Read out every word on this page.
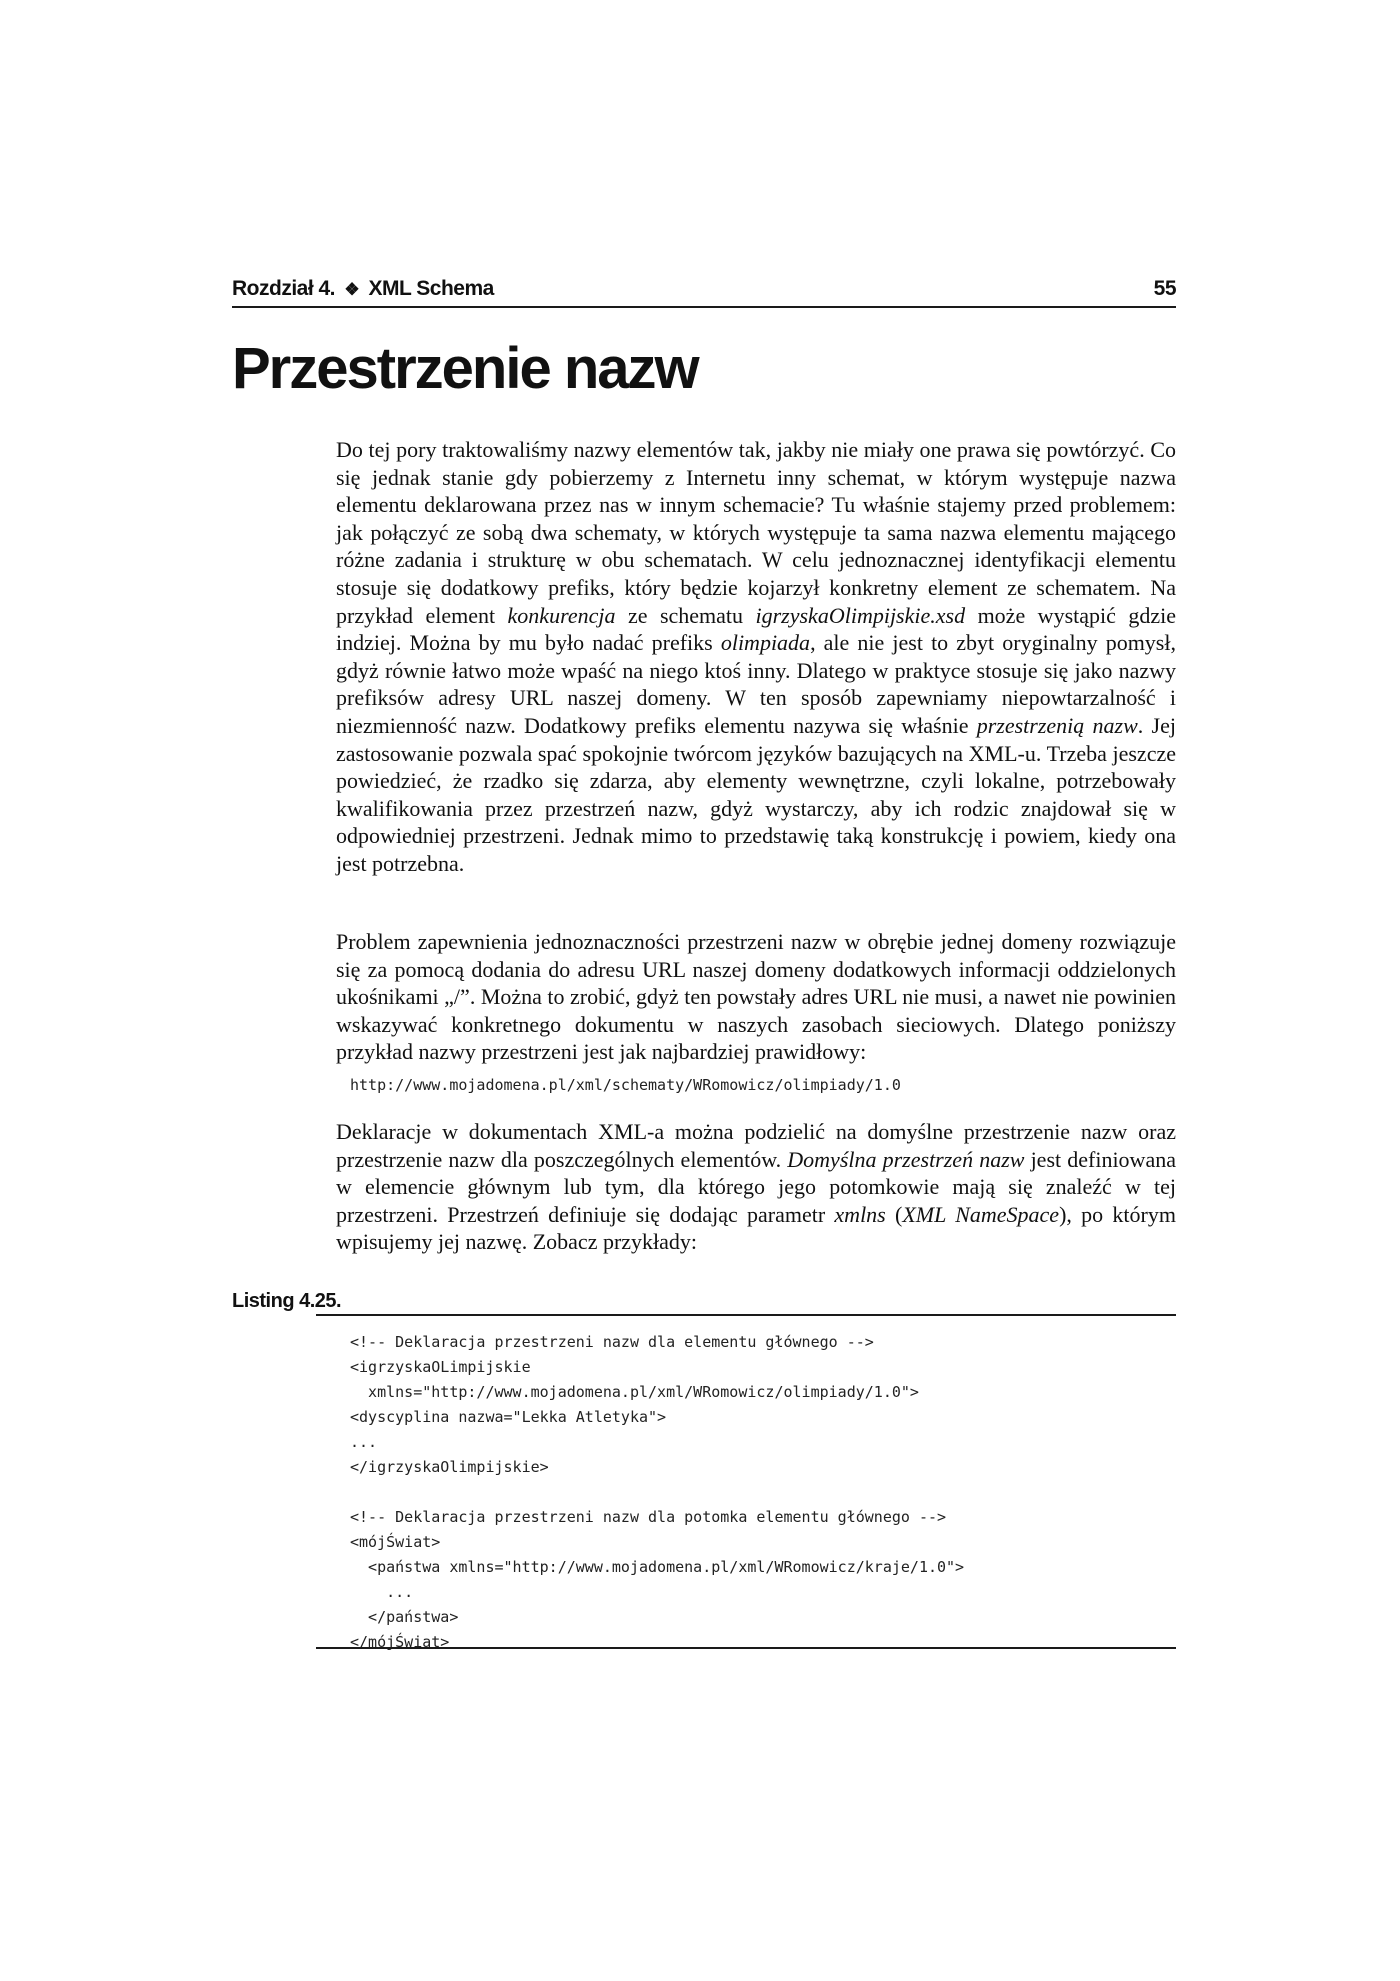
Rozdział 4. ❖ XML Schema	55
Przestrzenie nazw

Do tej pory traktowaliśmy nazwy elementów tak, jakby nie miały one prawa się powtórzyć. Co się jednak stanie gdy pobierzemy z Internetu inny schemat, w którym występuje nazwa elementu deklarowana przez nas w innym schemacie? Tu właśnie stajemy przed problemem: jak połączyć ze sobą dwa schematy, w których występuje ta sama nazwa elementu mającego różne zadania i strukturę w obu schematach. W celu jednoznacznej identyfikacji elementu stosuje się dodatkowy prefiks, który będzie kojarzył konkretny element ze schematem. Na przykład element konkurencja ze schematu igrzyskaOlimpijskie.xsd może wystąpić gdzie indziej. Można by mu było nadać prefiks olimpiada, ale nie jest to zbyt oryginalny pomysł, gdyż równie łatwo może wpaść na niego ktoś inny. Dlatego w praktyce stosuje się jako nazwy prefiksów adresy URL naszej domeny. W ten sposób zapewniamy niepowtarzalność i niezmienność nazw. Dodatkowy prefiks elementu nazywa się właśnie przestrzenią nazw. Jej zastosowanie pozwala spać spokojnie twórcom języków bazujących na XML-u. Trzeba jeszcze powiedzieć, że rzadko się zdarza, aby elementy wewnętrzne, czyli lokalne, potrzebowały kwalifikowania przez przestrzeń nazw, gdyż wystarczy, aby ich rodzic znajdował się w odpowiedniej przestrzeni. Jednak mimo to przedstawię taką konstrukcję i powiem, kiedy ona jest potrzebna.

Problem zapewnienia jednoznaczności przestrzeni nazw w obrębie jednej domeny rozwiązuje się za pomocą dodania do adresu URL naszej domeny dodatkowych informacji oddzielonych ukośnikami „/”. Można to zrobić, gdyż ten powstały adres URL nie musi, a nawet nie powinien wskazywać konkretnego dokumentu w naszych zasobach sieciowych. Dlatego poniższy przykład nazwy przestrzeni jest jak najbardziej prawidłowy:

http://www.mojadomena.pl/xml/schematy/WRomowicz/olimpiady/1.0

Deklaracje w dokumentach XML-a można podzielić na domyślne przestrzenie nazw oraz przestrzenie nazw dla poszczególnych elementów. Domyślna przestrzeń nazw jest definiowana w elemencie głównym lub tym, dla którego jego potomkowie mają się znaleźć w tej przestrzeni. Przestrzeń definiuje się dodając parametr xmlns (XML NameSpace), po którym wpisujemy jej nazwę. Zobacz przykłady:

Listing 4.25.
<!-- Deklaracja przestrzeni nazw dla elementu głównego -->
<igrzyskaOLimpijskie
xmlns="http://www.mojadomena.pl/xml/WRomowicz/olimpiady/1.0">
<dyscyplina nazwa="Lekka Atletyka">
...
</igrzyskaOlimpijskie>

<!-- Deklaracja przestrzeni nazw dla potomka elementu głównego -->
<mójŚwiat>
<państwa xmlns="http://www.mojadomena.pl/xml/WRomowicz/kraje/1.0">
...
</państwa>
</mójŚwiat>
